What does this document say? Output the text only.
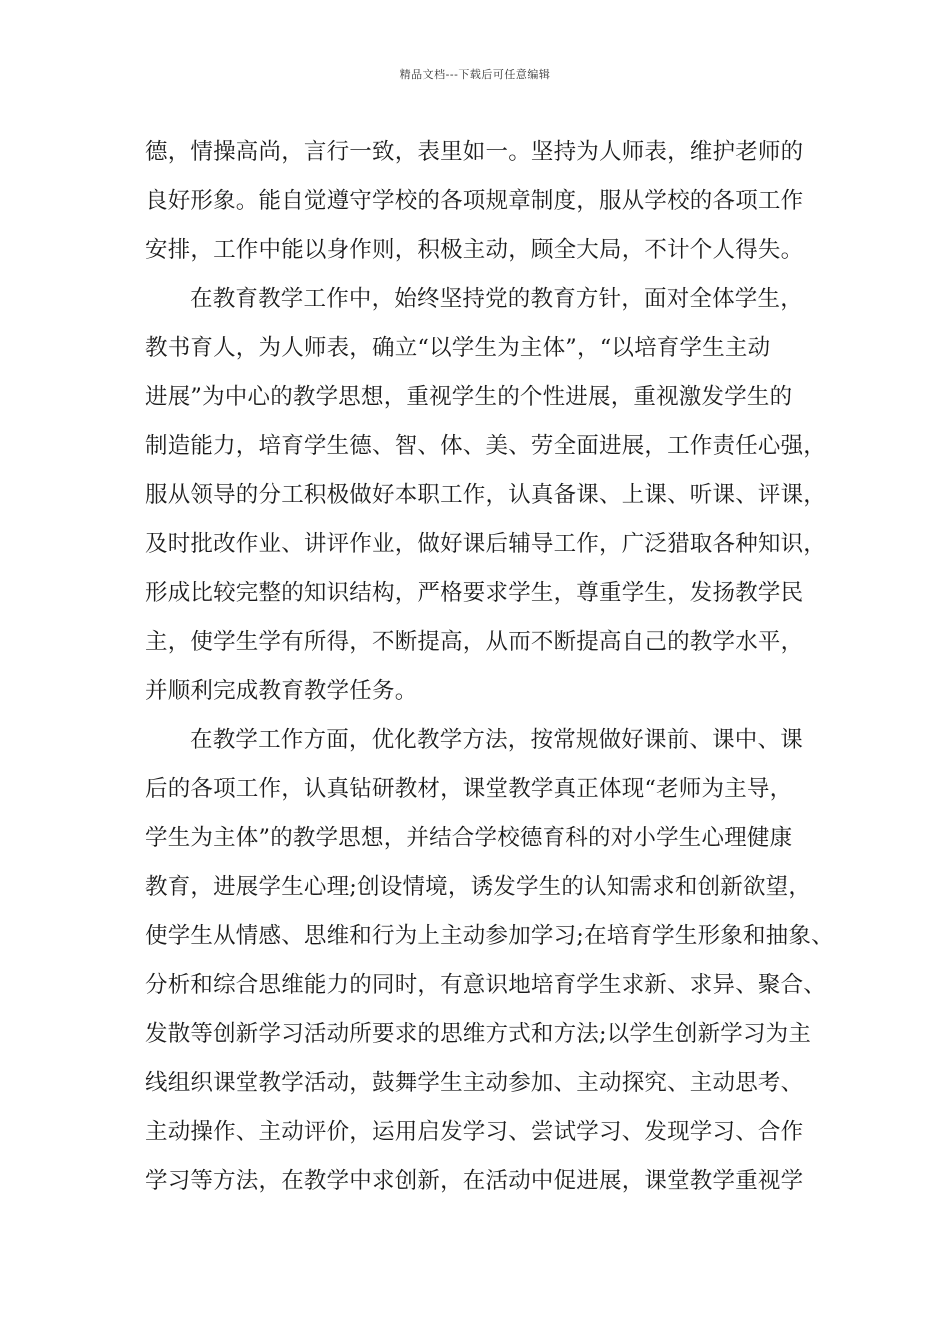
精品文档---下载后可任意编辑
德，情操高尚，言行一致，表里如一。坚持为人师表，维护老师的
良好形象。能自觉遵守学校的各项规章制度，服从学校的各项工作
安排，工作中能以身作则，积极主动，顾全大局，不计个人得失。
在教育教学工作中，始终坚持党的教育方针，面对全体学生，
教书育人，为人师表，确立“以学生为主体”，“以培育学生主动
进展”为中心的教学思想，重视学生的个性进展，重视激发学生的
制造能力，培育学生德、智、体、美、劳全面进展，工作责任心强，
服从领导的分工积极做好本职工作，认真备课、上课、听课、评课，
及时批改作业、讲评作业，做好课后辅导工作，广泛猎取各种知识，
形成比较完整的知识结构，严格要求学生，尊重学生，发扬教学民
主，使学生学有所得，不断提高，从而不断提高自己的教学水平，
并顺利完成教育教学任务。
在教学工作方面，优化教学方法，按常规做好课前、课中、课
后的各项工作，认真钻研教材，课堂教学真正体现“老师为主导，
学生为主体”的教学思想，并结合学校德育科的对小学生心理健康
教育，进展学生心理;创设情境，诱发学生的认知需求和创新欲望，
使学生从情感、思维和行为上主动参加学习;在培育学生形象和抽象、
分析和综合思维能力的同时，有意识地培育学生求新、求异、聚合、
发散等创新学习活动所要求的思维方式和方法;以学生创新学习为主
线组织课堂教学活动，鼓舞学生主动参加、主动探究、主动思考、
主动操作、主动评价，运用启发学习、尝试学习、发现学习、合作
学习等方法，在教学中求创新，在活动中促进展，课堂教学重视学
